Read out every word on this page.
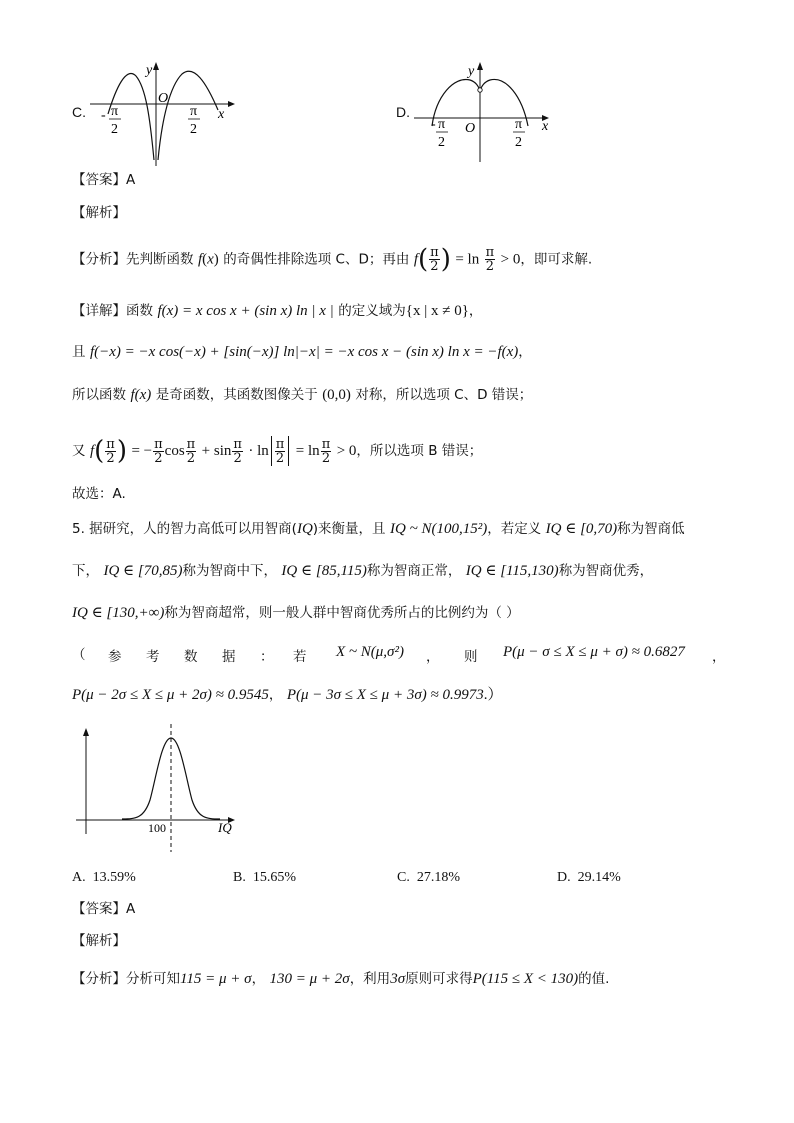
C.
y
x
O
- π
2
π
2
D.
y
x
O
- π
2
π
2
【答案】A
【解析】
【分析】先判断函数 f(x) 的奇偶性排除选项 C、D；再由 $f( \frac{\pi}{2}$ ) = $\ln \frac{\pi}{2} > 0$，即可求解.
【详解】函数 f(x) = x cos x + (sin x) ln | x | 的定义域为{x | x ≠ 0}，
且 f(−x) = −x cos(−x) + [sin(−x)] ln|−x| = −x cos x − (sin x) ln x = −f(x)，
所以函数 f(x) 是奇函数，其函数图像关于 (0,0) 对称，所以选项 C、D 错误；
又 $f( \frac{\pi}{2}$ ) = − $\frac{\pi}{2}$ $\cos \frac{\pi}{2} + \sin \frac{\pi}{2} \cdot \ln \frac{\pi}{2} = \ln \frac{\pi}{2} > 0$，所以选项 B 错误；
故选：A.
5. 据研究，人的智力高低可以用智商(IQ)来衡量，且 IQ ~ N(100,15²)，若定义 IQ ∈ [0,70)称为智商低
下， IQ ∈ [70,85)称为智商中下， IQ ∈ [85,115)称为智商正常， IQ ∈ [115,130)称为智商优秀，
IQ ∈ [130,+∞)称为智商超常，则一般人群中智商优秀所占的比例约为（ ）
（ 参 考 数 据 ： 若 X ~ N(μ,σ²) ， 则 P(μ − σ ≤ X ≤ μ + σ) ≈ 0.6827 ，
P(μ − 2σ ≤ X ≤ μ + 2σ) ≈ 0.9545， P(μ − 3σ ≤ X ≤ μ + 3σ) ≈ 0.9973.）
100	IQ
A. 13.59%	B. 15.65%	C. 27.18%	D. 29.14%
【答案】A
【解析】
【分析】分析可知115 = μ + σ， 130 = μ + 2σ，利用3σ原则可求得P(115 ≤ X < 130)的值.
